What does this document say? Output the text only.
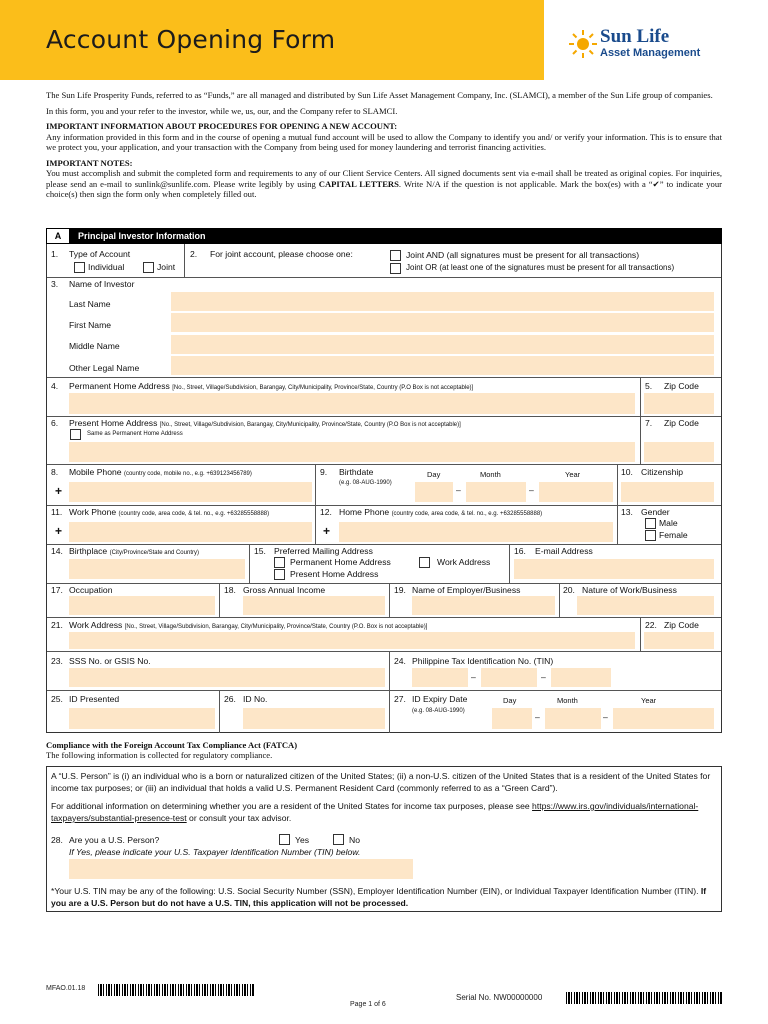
Account Opening Form	Sun Life
Asset Management

The Sun Life Prosperity Funds, referred to as “Funds,” are all managed and distributed by Sun Life Asset Management Company, Inc. (SLAMCI), a member of the Sun Life group of companies.

In this form, you and your refer to the investor, while we, us, our, and the Company refer to SLAMCI.

IMPORTANT INFORMATION ABOUT PROCEDURES FOR OPENING A NEW ACCOUNT:

Any information provided in this form and in the course of opening a mutual fund account will be used to allow the Company to identify you and/ or verify your information. This is to ensure that we protect you, your application, and your transaction with the Company from being used for money laundering and terrorist financing activities.

IMPORTANT NOTES:

You must accomplish and submit the completed form and requirements to any of our Client Service Centers. All signed documents sent via e-mail shall be treated as original copies. For inquiries, please send an e-mail to sunlink@sunlife.com. Please write legibly by using CAPITAL LETTERS. Write N/A if the question is not applicable. Mark the box(es) with a “✔” to indicate your choice(s) then sign the form only when completely filled out.

A	Principal Investor Information
1. Type of Account
Individual	Joint
2. For joint account, please choose one:	Joint AND (all signatures must be present for all transactions)
Joint OR (at least one of the signatures must be present for all transactions)
3. Name of Investor
Last Name
First Name
Middle Name
Other Legal Name
4. Permanent Home Address [No., Street, Village/Subdivision, Barangay, City/Municipality, Province/State, Country (P.O Box is not acceptable)]	5. Zip Code
6. Present Home Address [No., Street, Village/Subdivision, Barangay, City/Municipality, Province/State, Country (P.O Box is not acceptable)]
Same as Permanent Home Address
7. Zip Code
8. Mobile Phone (country code, mobile no., e.g. +639123456789)
+
9. Birthdate
(e.g. 08-AUG-1990)
Day	Month	Year
–	–
10. Citizenship
11. Work Phone (country code, area code, & tel. no., e.g. +63285558888)
+
12. Home Phone (country code, area code, & tel. no., e.g. +63285558888)
+
13. Gender
Male
Female
14. Birthplace (City/Province/State and Country)	15. Preferred Mailing Address
Permanent Home Address	Work Address
Present Home Address
16. E-mail Address
17. Occupation	18. Gross Annual Income	19. Name of Employer/Business	20. Nature of Work/Business
21. Work Address [No., Street, Village/Subdivision, Barangay, City/Municipality, Province/State, Country (P.O. Box is not acceptable)]	22. Zip Code
23. SSS No. or GSIS No.	24. Philippine Tax Identification No. (TIN)
–	–
25. ID Presented	26. ID No.	27. ID Expiry Date
(e.g. 08-AUG-1990)
Day	Month	Year
–	–
Compliance with the Foreign Account Tax Compliance Act (FATCA)
The following information is collected for regulatory compliance.
A “U.S. Person” is (i) an individual who is a born or naturalized citizen of the United States; (ii) a non-U.S. citizen of the United States that is a resident of the United States for income tax purposes; or (iii) an individual that holds a valid U.S. Permanent Resident Card (commonly referred to as a “Green Card”).
For additional information on determining whether you are a resident of the United States for income tax purposes, please see https://www.irs.gov/individuals/international-taxpayers/substantial-presence-test or consult your tax advisor.
28. Are you a U.S. Person?	Yes	No
If Yes, please indicate your U.S. Taxpayer Identification Number (TIN) below.
*Your U.S. TIN may be any of the following: U.S. Social Security Number (SSN), Employer Identification Number (EIN), or Individual Taxpayer Identification Number (ITIN). If you are a U.S. Person but do not have a U.S. TIN, this application will not be processed.
MFAO.01.18
Page 1 of 6
Serial No. NW00000000
